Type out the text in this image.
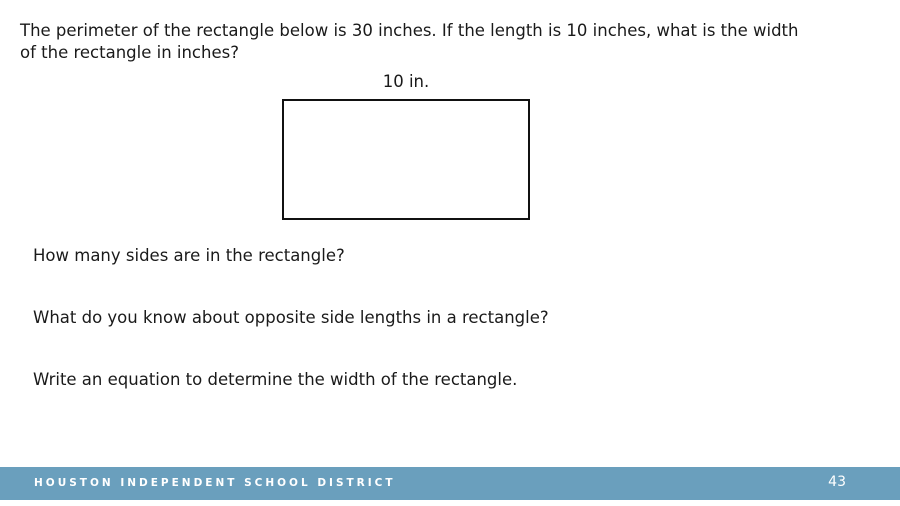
The perimeter of the rectangle below is 30 inches. If the length is 10 inches, what is the width of the rectangle in inches?

10 in.

How many sides are in the rectangle?

What do you know about opposite side lengths in a rectangle?

Write an equation to determine the width of the rectangle.

HOUSTON INDEPENDENT SCHOOL DISTRICT	43
